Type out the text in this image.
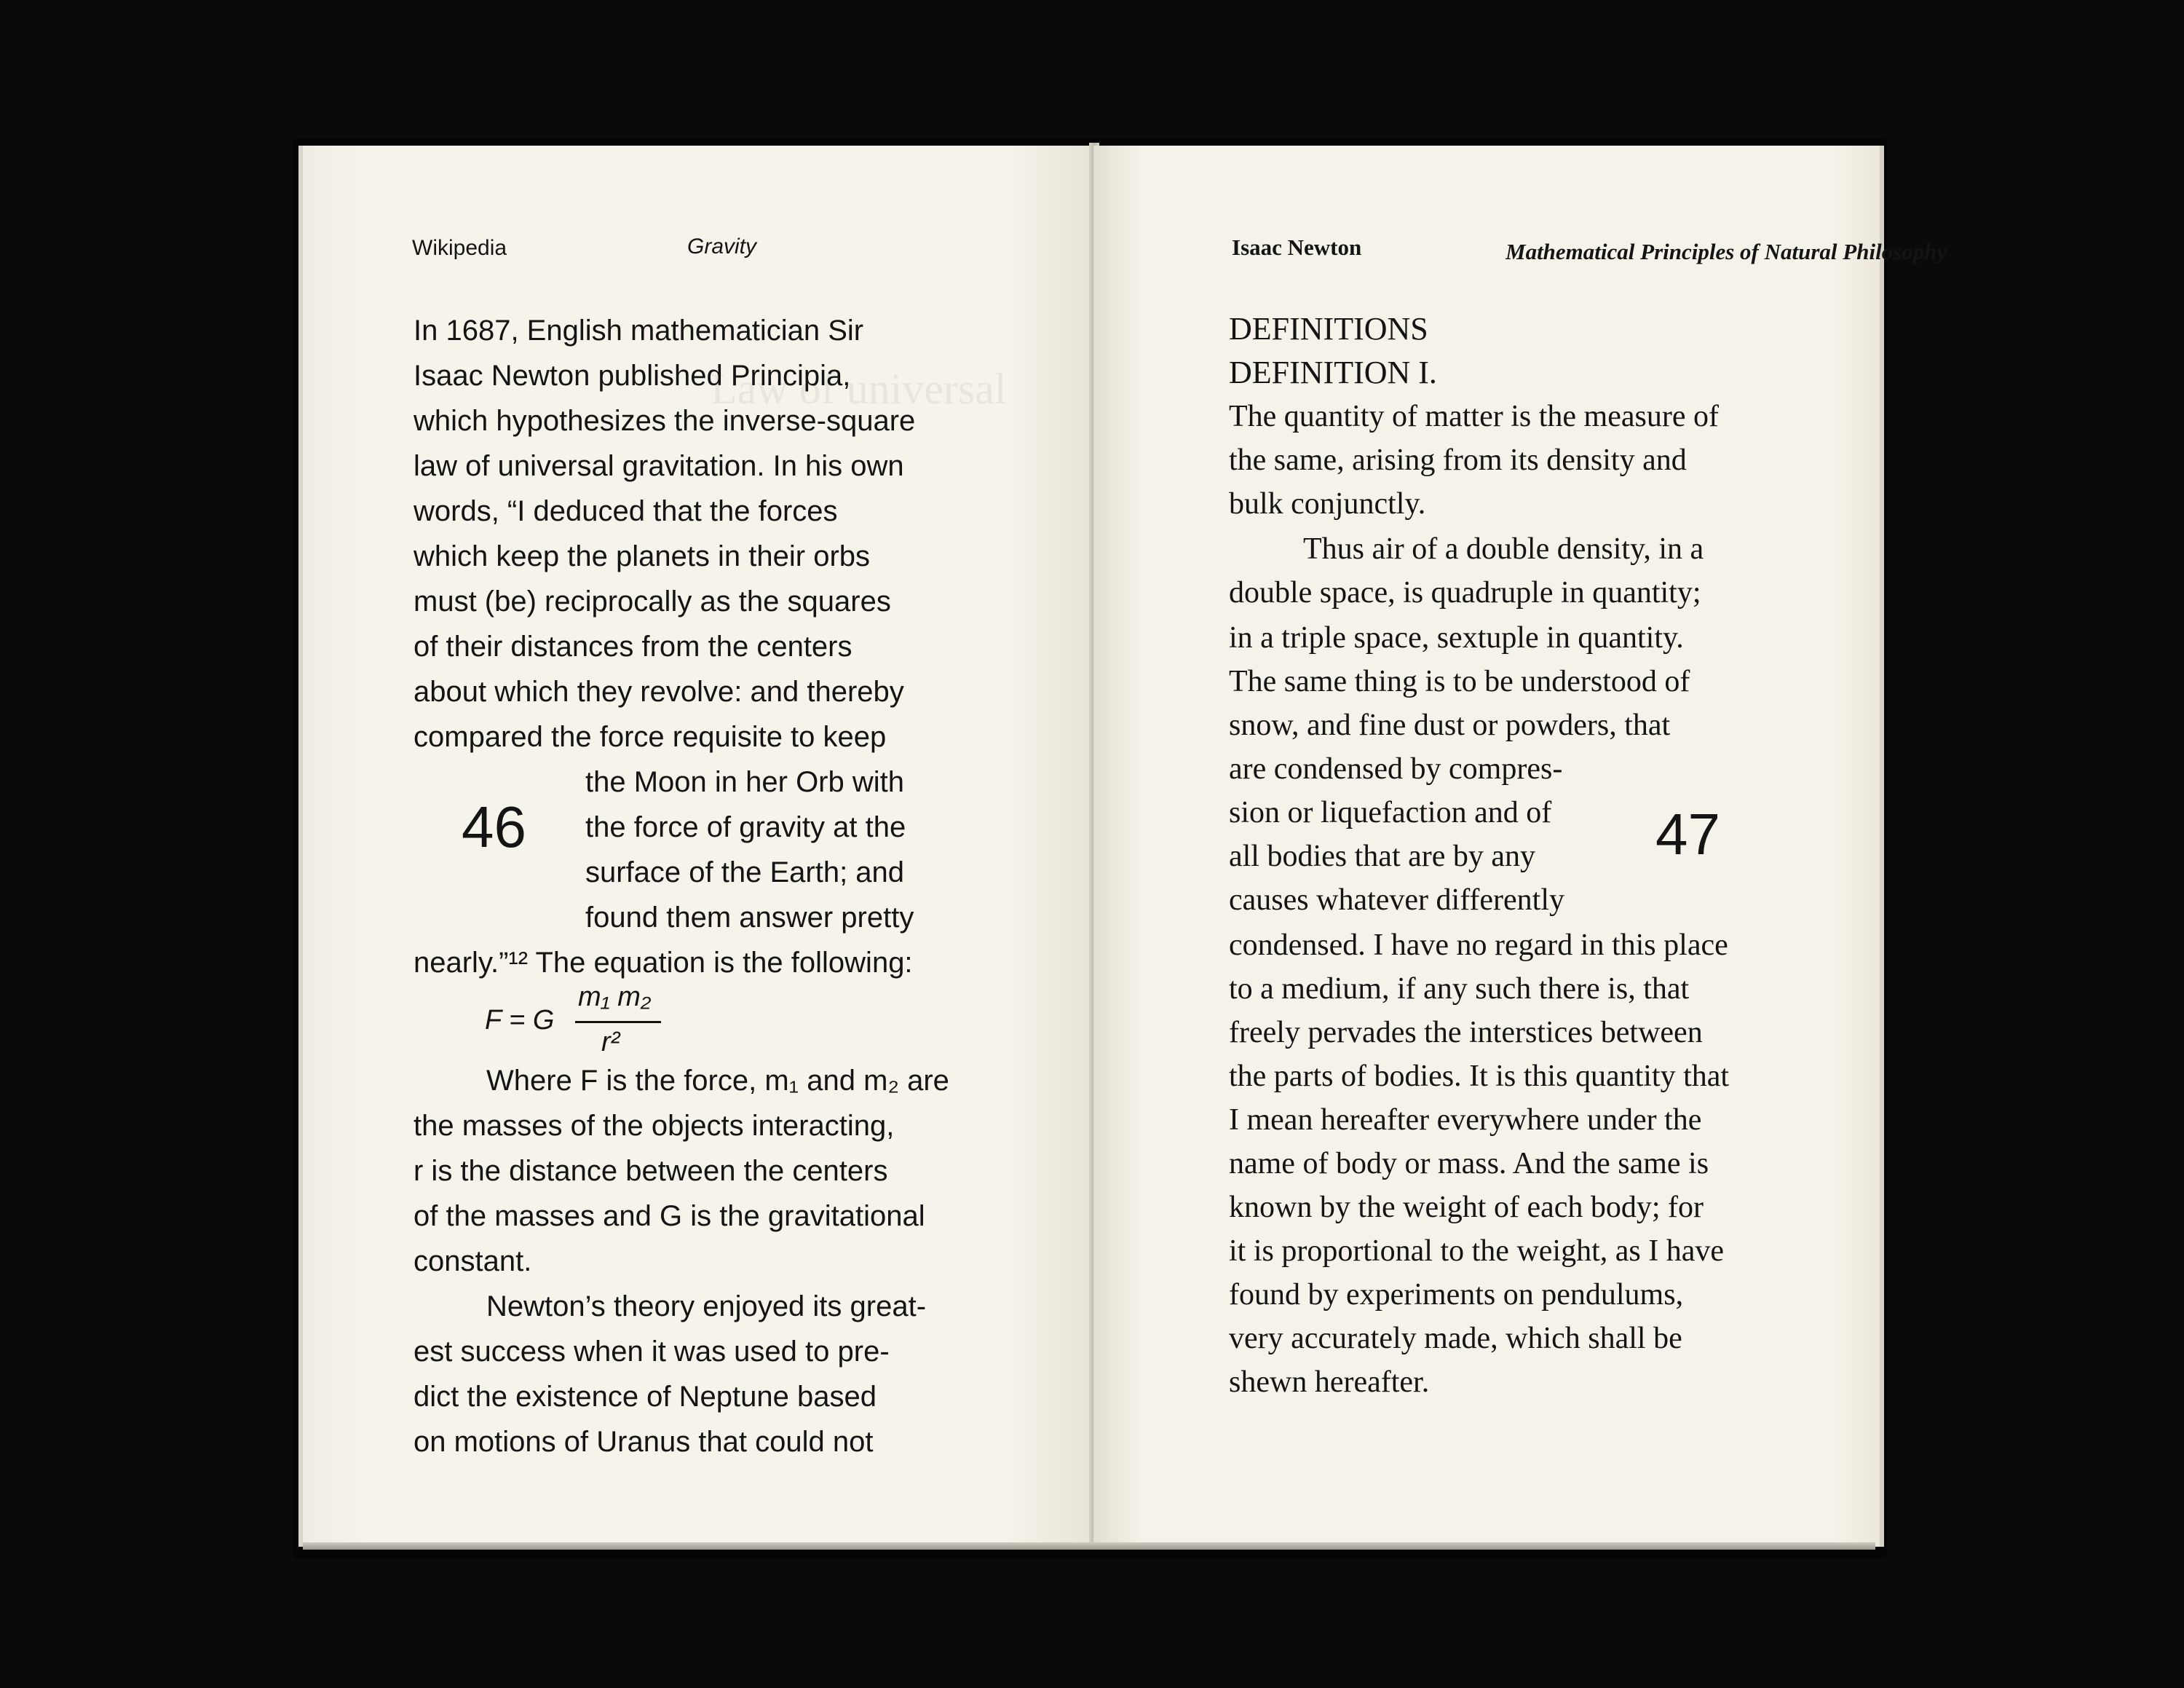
Wikipedia	Gravity
Law of universal
In 1687, English mathematician Sir
Isaac Newton published Principia,
which hypothesizes the inverse-square
law of universal gravitation. In his own
words, “I deduced that the forces
which keep the planets in their orbs
must (be) reciprocally as the squares
of their distances from the centers
about which they revolve: and thereby
compared the force requisite to keep
46
the Moon in her Orb with
the force of gravity at the
surface of the Earth; and
found them answer pretty
nearly.”¹² The equation is the following:
F = G
m₁ m₂
r²
Where F is the force, m₁ and m₂ are
the masses of the objects interacting,
r is the distance between the centers
of the masses and G is the gravitational
constant.
Newton’s theory enjoyed its great-
est success when it was used to pre-
dict the existence of Neptune based
on motions of Uranus that could not
Isaac Newton	Mathematical Principles of Natural Philosophy
DEFINITIONS
DEFINITION I.
The quantity of matter is the measure of
the same, arising from its density and
bulk conjunctly.
Thus air of a double density, in a
double space, is quadruple in quantity;
in a triple space, sextuple in quantity.
The same thing is to be understood of
snow, and fine dust or powders, that
are condensed by compres-
sion or liquefaction and of
all bodies that are by any
causes whatever differently
47
condensed. I have no regard in this place
to a medium, if any such there is, that
freely pervades the interstices between
the parts of bodies. It is this quantity that
I mean hereafter everywhere under the
name of body or mass. And the same is
known by the weight of each body; for
it is proportional to the weight, as I have
found by experiments on pendulums,
very accurately made, which shall be
shewn hereafter.
